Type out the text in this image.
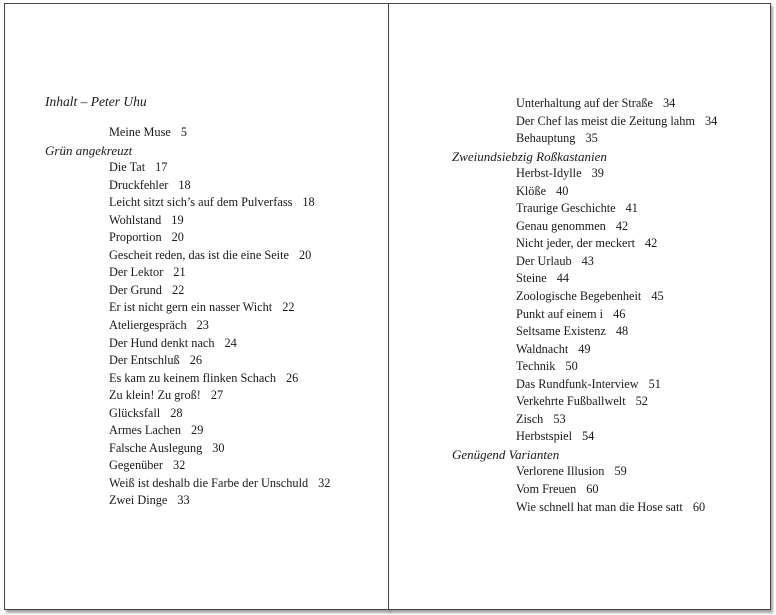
Inhalt – Peter Uhu
Meine Muse 5
Grün angekreuzt
Die Tat 17
Druckfehler 18
Leicht sitzt sich’s auf dem Pulverfass 18
Wohlstand 19
Proportion 20
Gescheit reden, das ist die eine Seite 20
Der Lektor 21
Der Grund 22
Er ist nicht gern ein nasser Wicht 22
Ateliergespräch 23
Der Hund denkt nach 24
Der Entschluß 26
Es kam zu keinem flinken Schach 26
Zu klein! Zu groß! 27
Glücksfall 28
Armes Lachen 29
Falsche Auslegung 30
Gegenüber 32
Weiß ist deshalb die Farbe der Unschuld 32
Zwei Dinge 33
Unterhaltung auf der Straße 34
Der Chef las meist die Zeitung lahm 34
Behauptung 35
Zweiundsiebzig Roßkastanien
Herbst-Idylle 39
Klöße 40
Traurige Geschichte 41
Genau genommen 42
Nicht jeder, der meckert 42
Der Urlaub 43
Steine 44
Zoologische Begebenheit 45
Punkt auf einem i 46
Seltsame Existenz 48
Waldnacht 49
Technik 50
Das Rundfunk-Interview 51
Verkehrte Fußballwelt 52
Zisch 53
Herbstspiel 54
Genügend Varianten
Verlorene Illusion 59
Vom Freuen 60
Wie schnell hat man die Hose satt 60
